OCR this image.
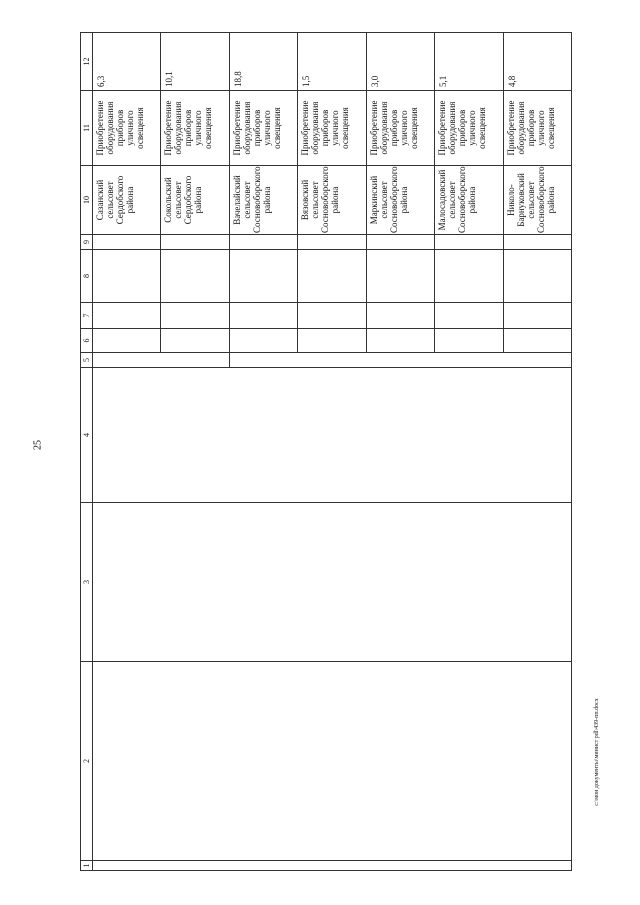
25
1	2	3	4	5	6	7	8	9	10	11	12
									Сазанский сельсовет Сердобского района	Приобретение оборудования приборов уличного освещения	6,3
									Сокольский сельсовет Сердобского района	Приобретение оборудования приборов уличного освещения	10,1
									Вачелайский сельсовет Сосновоборского района	Приобретение оборудования приборов уличного освещения	18,8
									Вязовский сельсовет Сосновоборского района	Приобретение оборудования приборов уличного освещения	1,5
									Маркинский сельсовет Сосновоборского района	Приобретение оборудования приборов уличного освещения	3,0
									Малосадовский сельсовет Сосновоборского района	Приобретение оборудования приборов уличного освещения	5,1
									Николо-Барнуковский сельсовет Сосновоборского района	Приобретение оборудования приборов уличного освещения	4,8
c:\мои документы\минист pdl\439-пп.docx
